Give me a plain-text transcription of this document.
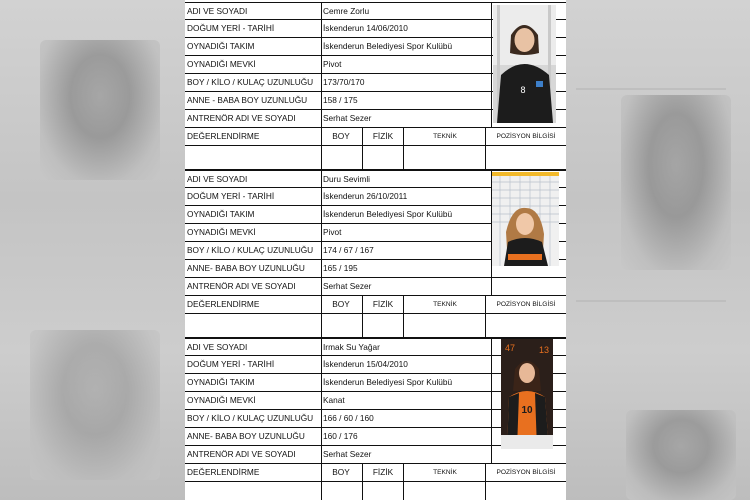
ADI VE SOYADI	Cemre Zorlu
DOĞUM YERİ - TARİHİ	İskenderun 14/06/2010
OYNADIĞI TAKIM	İskenderun Belediyesi Spor Kulübü
OYNADIĞI MEVKİ	Pivot
BOY / KİLO / KULAÇ UZUNLUĞU	173/70/170
ANNE - BABA BOY UZUNLUĞU	158 / 175
ANTRENÖR ADI VE SOYADI	Serhat Sezer
DEĞERLENDİRME	BOY	FİZİK	TEKNİK	POZİSYON BİLGİSİ
8
ADI VE SOYADI	Duru Sevimli
DOĞUM YERİ - TARİHİ	İskenderun 26/10/2011
OYNADIĞI TAKIM	İskenderun Belediyesi Spor Kulübü
OYNADIĞI MEVKİ	Pivot
BOY / KİLO / KULAÇ UZUNLUĞU	174 / 67 / 167
ANNE- BABA BOY UZUNLUĞU	165 / 195
ANTRENÖR ADI VE SOYADI	Serhat Sezer
DEĞERLENDİRME	BOY	FİZİK	TEKNİK	POZİSYON BİLGİSİ
ADI VE SOYADI	Irmak Su Yağar
DOĞUM YERİ - TARİHİ	İskenderun 15/04/2010
OYNADIĞI TAKIM	İskenderun Belediyesi Spor Kulübü
OYNADIĞI MEVKİ	Kanat
BOY / KİLO / KULAÇ UZUNLUĞU	166 / 60 / 160
ANNE- BABA BOY UZUNLUĞU	160 / 176
ANTRENÖR ADI VE SOYADI	Serhat Sezer
DEĞERLENDİRME	BOY	FİZİK	TEKNİK	POZİSYON BİLGİSİ
47	13
10
